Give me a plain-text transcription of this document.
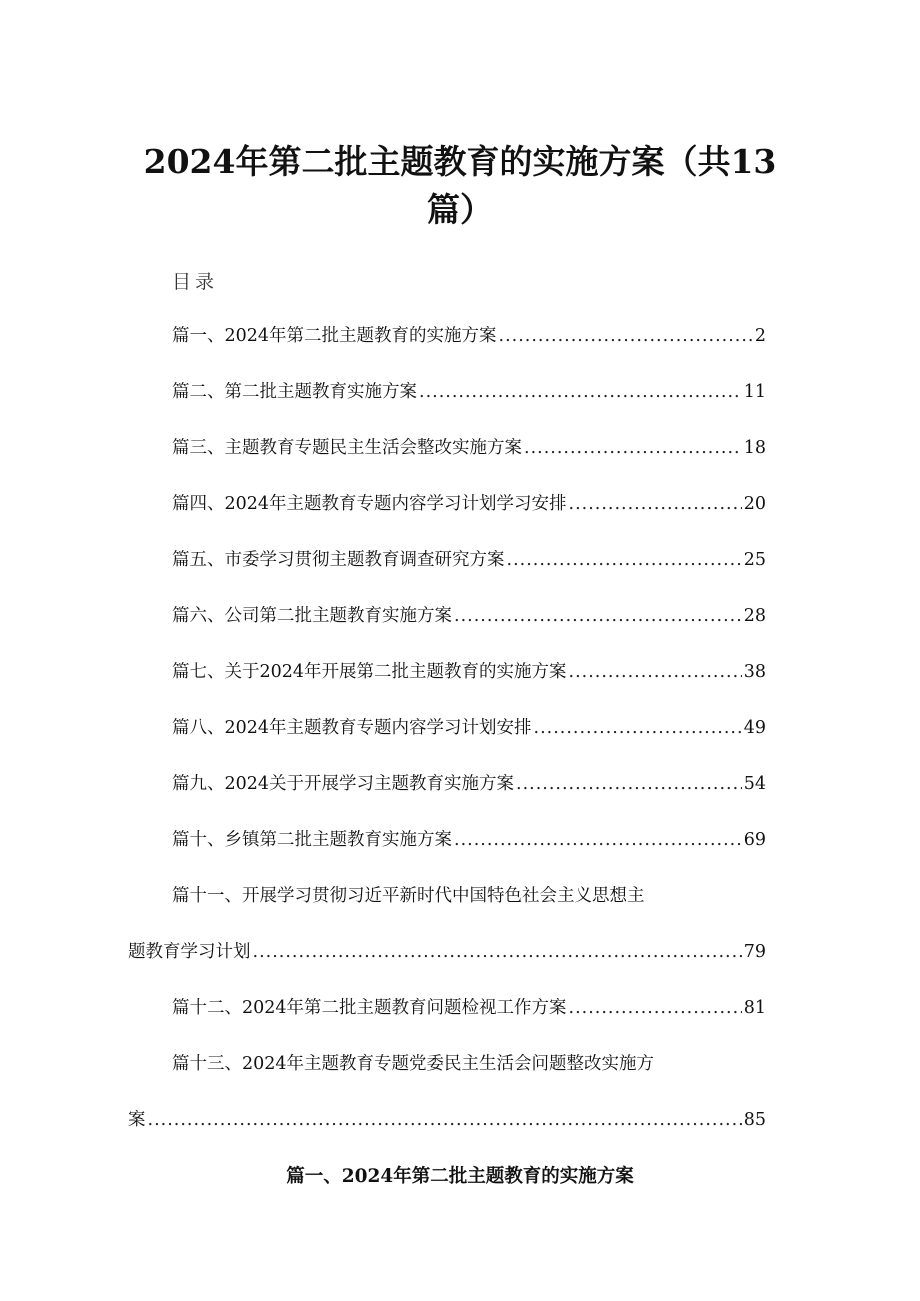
2024年第二批主题教育的实施方案（共13
篇）
目录
篇一、2024年第二批主题教育的实施方案 .....	2
篇二、第二批主题教育实施方案 .....	11
篇三、主题教育专题民主生活会整改实施方案 .....	18
篇四、2024年主题教育专题内容学习计划学习安排 .....	20
篇五、市委学习贯彻主题教育调查研究方案 .....	25
篇六、公司第二批主题教育实施方案 .....	28
篇七、关于2024年开展第二批主题教育的实施方案 .....	38
篇八、2024年主题教育专题内容学习计划安排 .....	49
篇九、2024关于开展学习主题教育实施方案 .....	54
篇十、乡镇第二批主题教育实施方案 .....	69
篇十一、开展学习贯彻习近平新时代中国特色社会主义思想主
题教育学习计划 .....	79
篇十二、2024年第二批主题教育问题检视工作方案 .....	81
篇十三、2024年主题教育专题党委民主生活会问题整改实施方
案 .....	85
篇一、2024年第二批主题教育的实施方案
